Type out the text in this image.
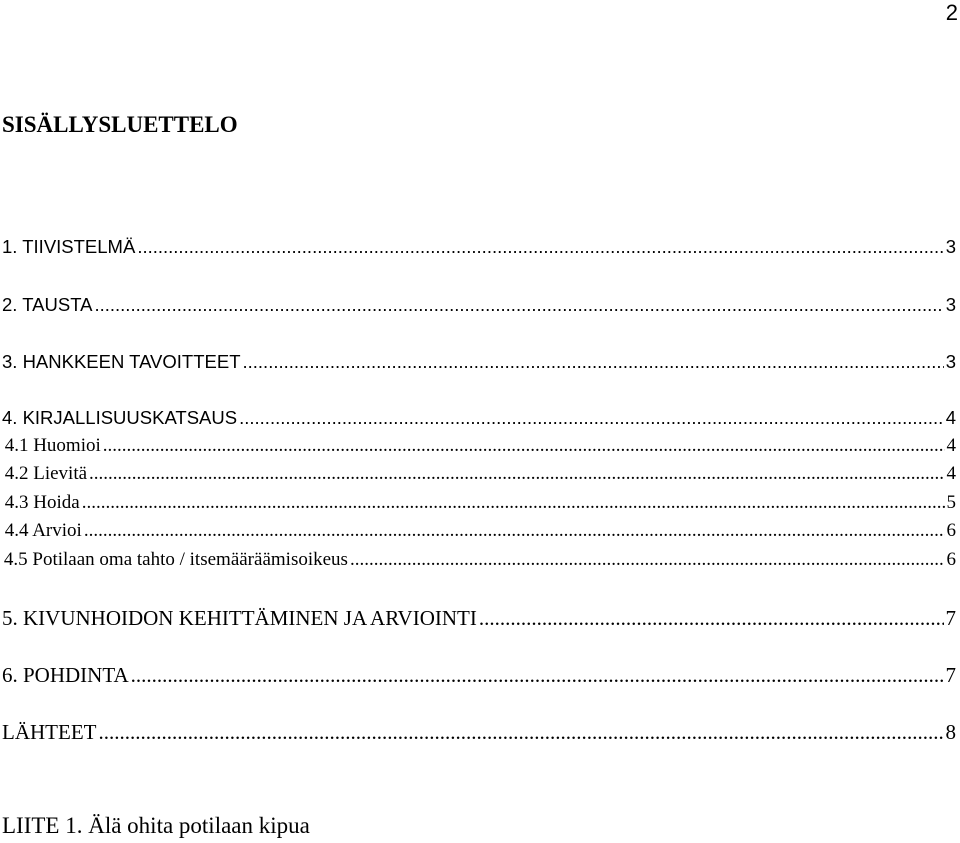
2
SISÄLLYSLUETTELO
1. TIIVISTELMÄ .....	3
2. TAUSTA .....	3
3. HANKKEEN TAVOITTEET .....	3
4. KIRJALLISUUSKATSAUS .....	4
4.1 Huomioi .....	4
4.2 Lievitä .....	4
4.3 Hoida .....	5
4.4 Arvioi .....	6
4.5 Potilaan oma tahto / itsemääräämisoikeus .....	6
5. KIVUNHOIDON KEHITTÄMINEN JA ARVIOINTI .....	7
6. POHDINTA .....	7
LÄHTEET .....	8
LIITE 1. Älä ohita potilaan kipua
